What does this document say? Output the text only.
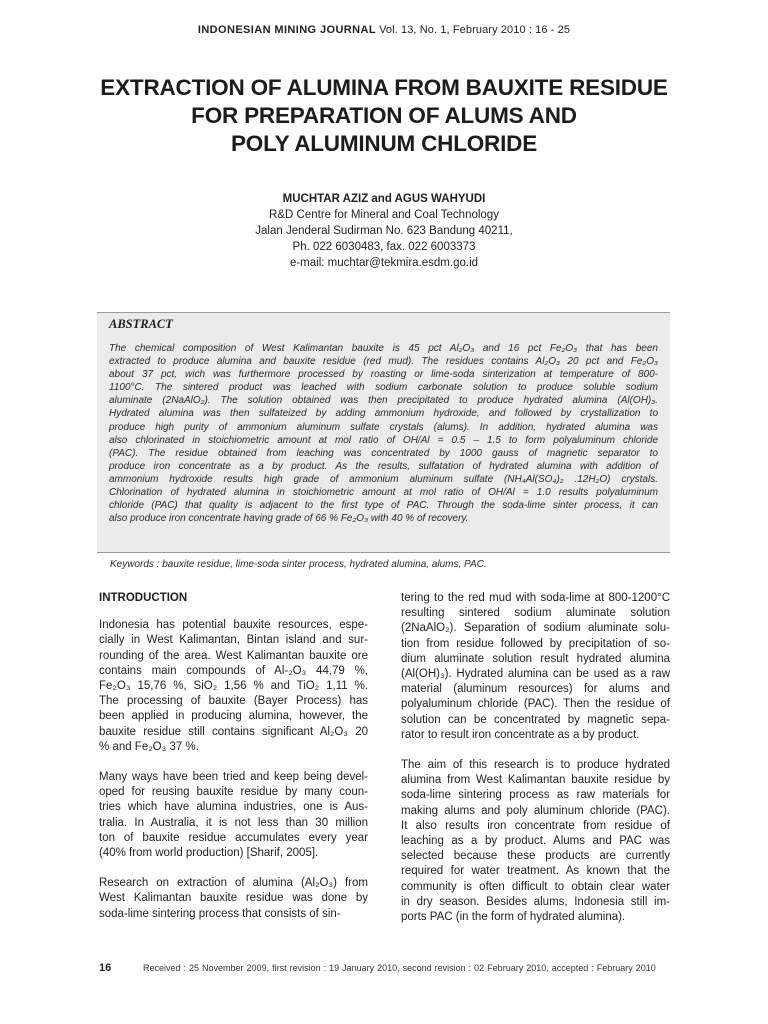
INDONESIAN MINING JOURNAL Vol. 13, No. 1, February 2010 : 16 - 25
EXTRACTION OF ALUMINA FROM BAUXITE RESIDUE
FOR PREPARATION OF ALUMS AND
POLY ALUMINUM CHLORIDE
MUCHTAR AZIZ and AGUS WAHYUDI
R&D Centre for Mineral and Coal Technology
Jalan Jenderal Sudirman No. 623 Bandung 40211,
Ph. 022 6030483, fax. 022 6003373
e-mail: muchtar@tekmira.esdm.go.id
ABSTRACT
The chemical composition of West Kalimantan bauxite is 45 pct Al₂O₃ and 16 pct Fe₂O₃ that has been
extracted to produce alumina and bauxite residue (red mud). The residues contains Al₂O₃ 20 pct and Fe₂O₃
about 37 pct, wich was furthermore processed by roasting or lime-soda sinterization at temperature of 800-
1100°C. The sintered product was leached with sodium carbonate solution to produce soluble sodium
aluminate (2NaAlO₂). The solution obtained was then precipitated to produce hydrated alumina (Al(OH)₃.
Hydrated alumina was then sulfateized by adding ammonium hydroxide, and followed by crystallization to
produce high purity of ammonium aluminum sulfate crystals (alums). In addition, hydrated alumina was
also chlorinated in stoichiometric amount at mol ratio of OH/Al = 0.5 – 1.5 to form polyaluminum chloride
(PAC). The residue obtained from leaching was concentrated by 1000 gauss of magnetic separator to
produce iron concentrate as a by product. As the results, sulfatation of hydrated alumina with addition of
ammonium hydroxide results high grade of ammonium aluminum sulfate (NH₄Al(SO₄)₂ .12H₂O) crystals.
Chlorination of hydrated alumina in stoichiometric amount at mol ratio of OH/Al = 1.0 results polyaluminum
chloride (PAC) that quality is adjacent to the first type of PAC. Through the soda-lime sinter process, it can
also produce iron concentrate having grade of 66 % Fe₂O₃ with 40 % of recovery.
Keywords : bauxite residue, lime-soda sinter process, hydrated alumina, alums, PAC.
INTRODUCTION
Indonesia has potential bauxite resources, espe-
cially in West Kalimantan, Bintan island and sur-
rounding of the area. West Kalimantan bauxite ore
contains main compounds of Al-₂O₃ 44,79 %,
Fe₂O₃ 15,76 %, SiO₂ 1,56 % and TiO₂ 1,11 %.
The processing of bauxite (Bayer Process) has
been applied in producing alumina, however, the
bauxite residue still contains significant Al₂O₃ 20
% and Fe₂O₃ 37 %.
Many ways have been tried and keep being devel-
oped for reusing bauxite residue by many coun-
tries which have alumina industries, one is Aus-
tralia. In Australia, it is not less than 30 million
ton of bauxite residue accumulates every year
(40% from world production) [Sharif, 2005].
Research on extraction of alumina (Al₂O₃) from
West Kalimantan bauxite residue was done by
soda-lime sintering process that consists of sin-
tering to the red mud with soda-lime at 800-1200°C
resulting sintered sodium aluminate solution
(2NaAlO₂). Separation of sodium aluminate solu-
tion from residue followed by precipitation of so-
dium aluminate solution result hydrated alumina
(Al(OH)₃). Hydrated alumina can be used as a raw
material (aluminum resources) for alums and
polyaluminum chloride (PAC). Then the residue of
solution can be concentrated by magnetic sepa-
rator to result iron concentrate as a by product.
The aim of this research is to produce hydrated
alumina from West Kalimantan bauxite residue by
soda-lime sintering process as raw materials for
making alums and poly aluminum chloride (PAC).
It also results iron concentrate from residue of
leaching as a by product. Alums and PAC was
selected because these products are currently
required for water treatment. As known that the
community is often difficult to obtain clear water
in dry season. Besides alums, Indonesia still im-
ports PAC (in the form of hydrated alumina).
16	Received : 25 November 2009, first revision : 19 January 2010, second revision : 02 February 2010, accepted : February 2010
